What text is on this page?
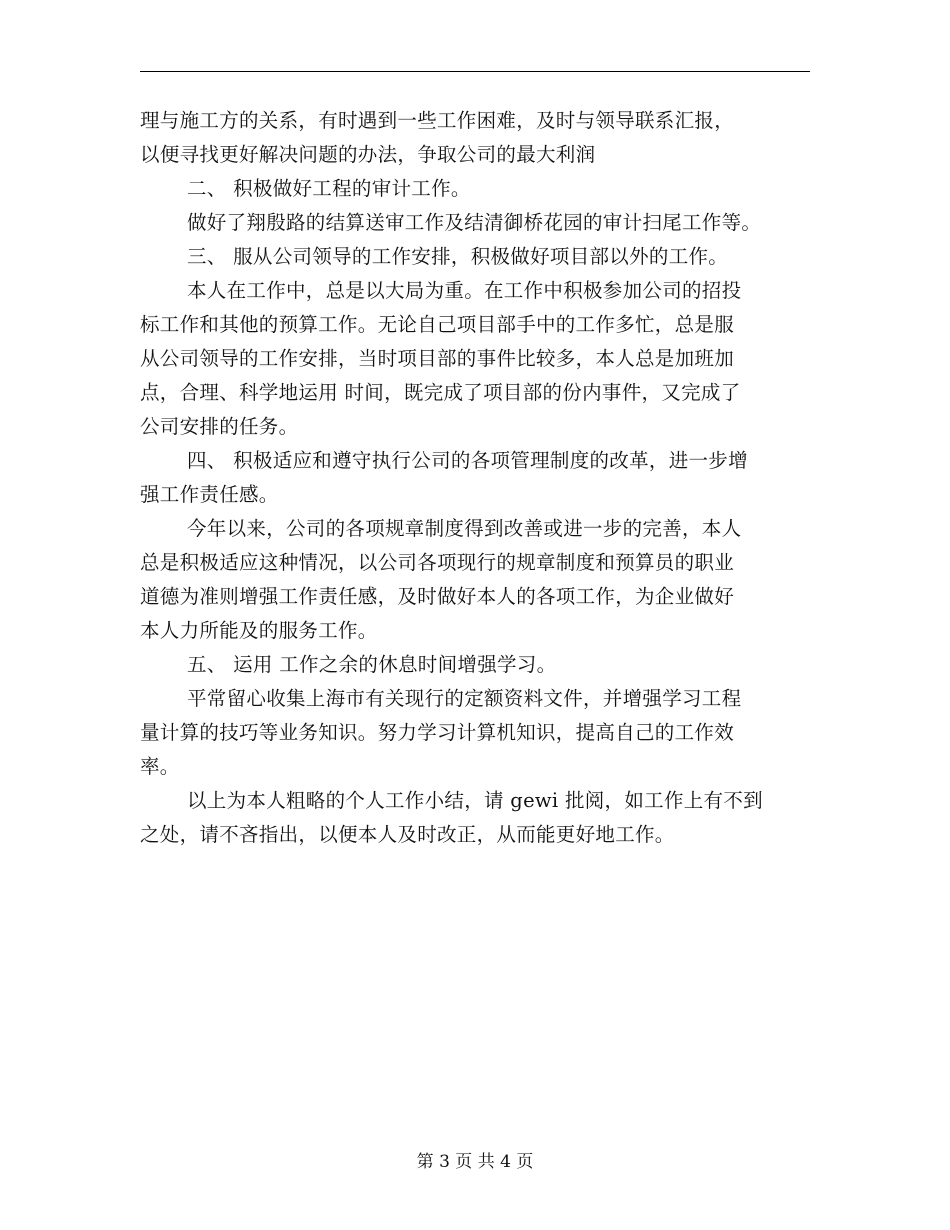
理与施工方的关系，有时遇到一些工作困难，及时与领导联系汇报，
以便寻找更好解决问题的办法，争取公司的最大利润
二、 积极做好工程的审计工作。
做好了翔殷路的结算送审工作及结清御桥花园的审计扫尾工作等。
三、 服从公司领导的工作安排，积极做好项目部以外的工作。
本人在工作中，总是以大局为重。在工作中积极参加公司的招投
标工作和其他的预算工作。无论自己项目部手中的工作多忙，总是服
从公司领导的工作安排，当时项目部的事件比较多，本人总是加班加
点，合理、科学地运用 时间，既完成了项目部的份内事件，又完成了
公司安排的任务。
四、 积极适应和遵守执行公司的各项管理制度的改革，进一步增
强工作责任感。
今年以来，公司的各项规章制度得到改善或进一步的完善，本人
总是积极适应这种情况，以公司各项现行的规章制度和预算员的职业
道德为准则增强工作责任感，及时做好本人的各项工作，为企业做好
本人力所能及的服务工作。
五、 运用 工作之余的休息时间增强学习。
平常留心收集上海市有关现行的定额资料文件，并增强学习工程
量计算的技巧等业务知识。努力学习计算机知识，提高自己的工作效
率。
以上为本人粗略的个人工作小结，请 gewi 批阅，如工作上有不到
之处，请不吝指出，以便本人及时改正，从而能更好地工作。
第 3 页 共 4 页
